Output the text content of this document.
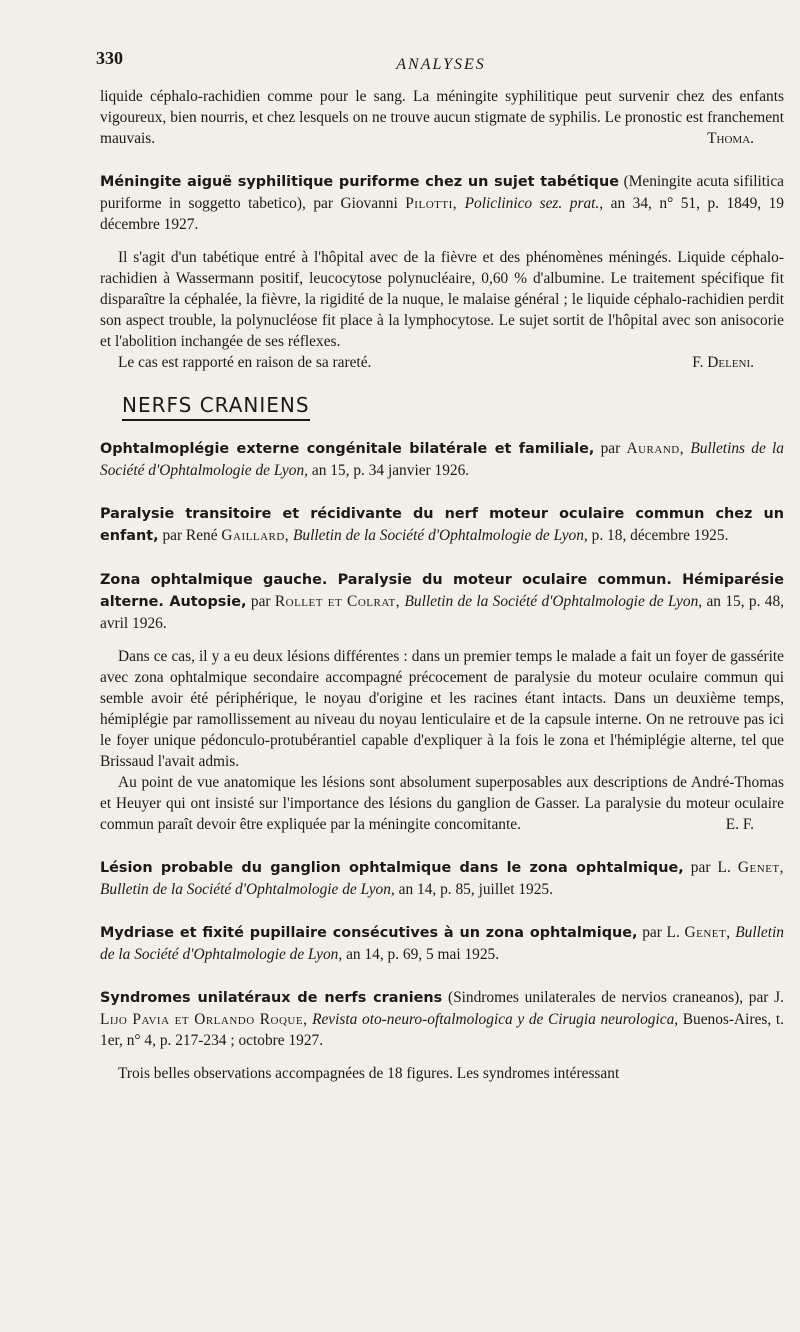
330	ANALYSES

liquide céphalo-rachidien comme pour le sang. La méningite syphilitique peut survenir chez des enfants vigoureux, bien nourris, et chez lesquels on ne trouve aucun stigmate de syphilis. Le pronostic est franchement mauvais.	Thoma.

Méningite aiguë syphilitique puriforme chez un sujet tabétique (Meningite acuta sifilitica puriforme in soggetto tabetico), par Giovanni Pilotti, Policlinico sez. prat., an 34, n° 51, p. 1849, 19 décembre 1927.

Il s'agit d'un tabétique entré à l'hôpital avec de la fièvre et des phénomènes méningés. Liquide céphalo-rachidien à Wassermann positif, leucocytose polynucléaire, 0,60 % d'albumine. Le traitement spécifique fit disparaître la céphalée, la fièvre, la rigidité de la nuque, le malaise général ; le liquide céphalo-rachidien perdit son aspect trouble, la polynucléose fit place à la lymphocytose. Le sujet sortit de l'hôpital avec son anisocorie et l'abolition inchangée de ses réflexes.

Le cas est rapporté en raison de sa rareté.	F. Deleni.

NERFS CRANIENS

Ophtalmoplégie externe congénitale bilatérale et familiale, par Aurand, Bulletins de la Société d'Ophtalmologie de Lyon, an 15, p. 34 janvier 1926.

Paralysie transitoire et récidivante du nerf moteur oculaire commun chez un enfant, par René Gaillard, Bulletin de la Société d'Ophtalmologie de Lyon, p. 18, décembre 1925.

Zona ophtalmique gauche. Paralysie du moteur oculaire commun. Hémiparésie alterne. Autopsie, par Rollet et Colrat, Bulletin de la Société d'Ophtalmologie de Lyon, an 15, p. 48, avril 1926.

Dans ce cas, il y a eu deux lésions différentes : dans un premier temps le malade a fait un foyer de gassérite avec zona ophtalmique secondaire accompagné précocement de paralysie du moteur oculaire commun qui semble avoir été périphérique, le noyau d'origine et les racines étant intacts. Dans un deuxième temps, hémiplégie par ramollissement au niveau du noyau lenticulaire et de la capsule interne. On ne retrouve pas ici le foyer unique pédonculo-protubérantiel capable d'expliquer à la fois le zona et l'hémiplégie alterne, tel que Brissaud l'avait admis.

Au point de vue anatomique les lésions sont absolument superposables aux descriptions de André-Thomas et Heuyer qui ont insisté sur l'importance des lésions du ganglion de Gasser. La paralysie du moteur oculaire commun paraît devoir être expliquée par la méningite concomitante.	E. F.

Lésion probable du ganglion ophtalmique dans le zona ophtalmique, par L. Genet, Bulletin de la Société d'Ophtalmologie de Lyon, an 14, p. 85, juillet 1925.

Mydriase et fixité pupillaire consécutives à un zona ophtalmique, par L. Genet, Bulletin de la Société d'Ophtalmologie de Lyon, an 14, p. 69, 5 mai 1925.

Syndromes unilatéraux de nerfs craniens (Sindromes unilaterales de nervios craneanos), par J. Lijo Pavia et Orlando Roque, Revista oto-neuro-oftalmologica y de Cirugia neurologica, Buenos-Aires, t. 1er, n° 4, p. 217-234 ; octobre 1927.

Trois belles observations accompagnées de 18 figures. Les syndromes intéressant
